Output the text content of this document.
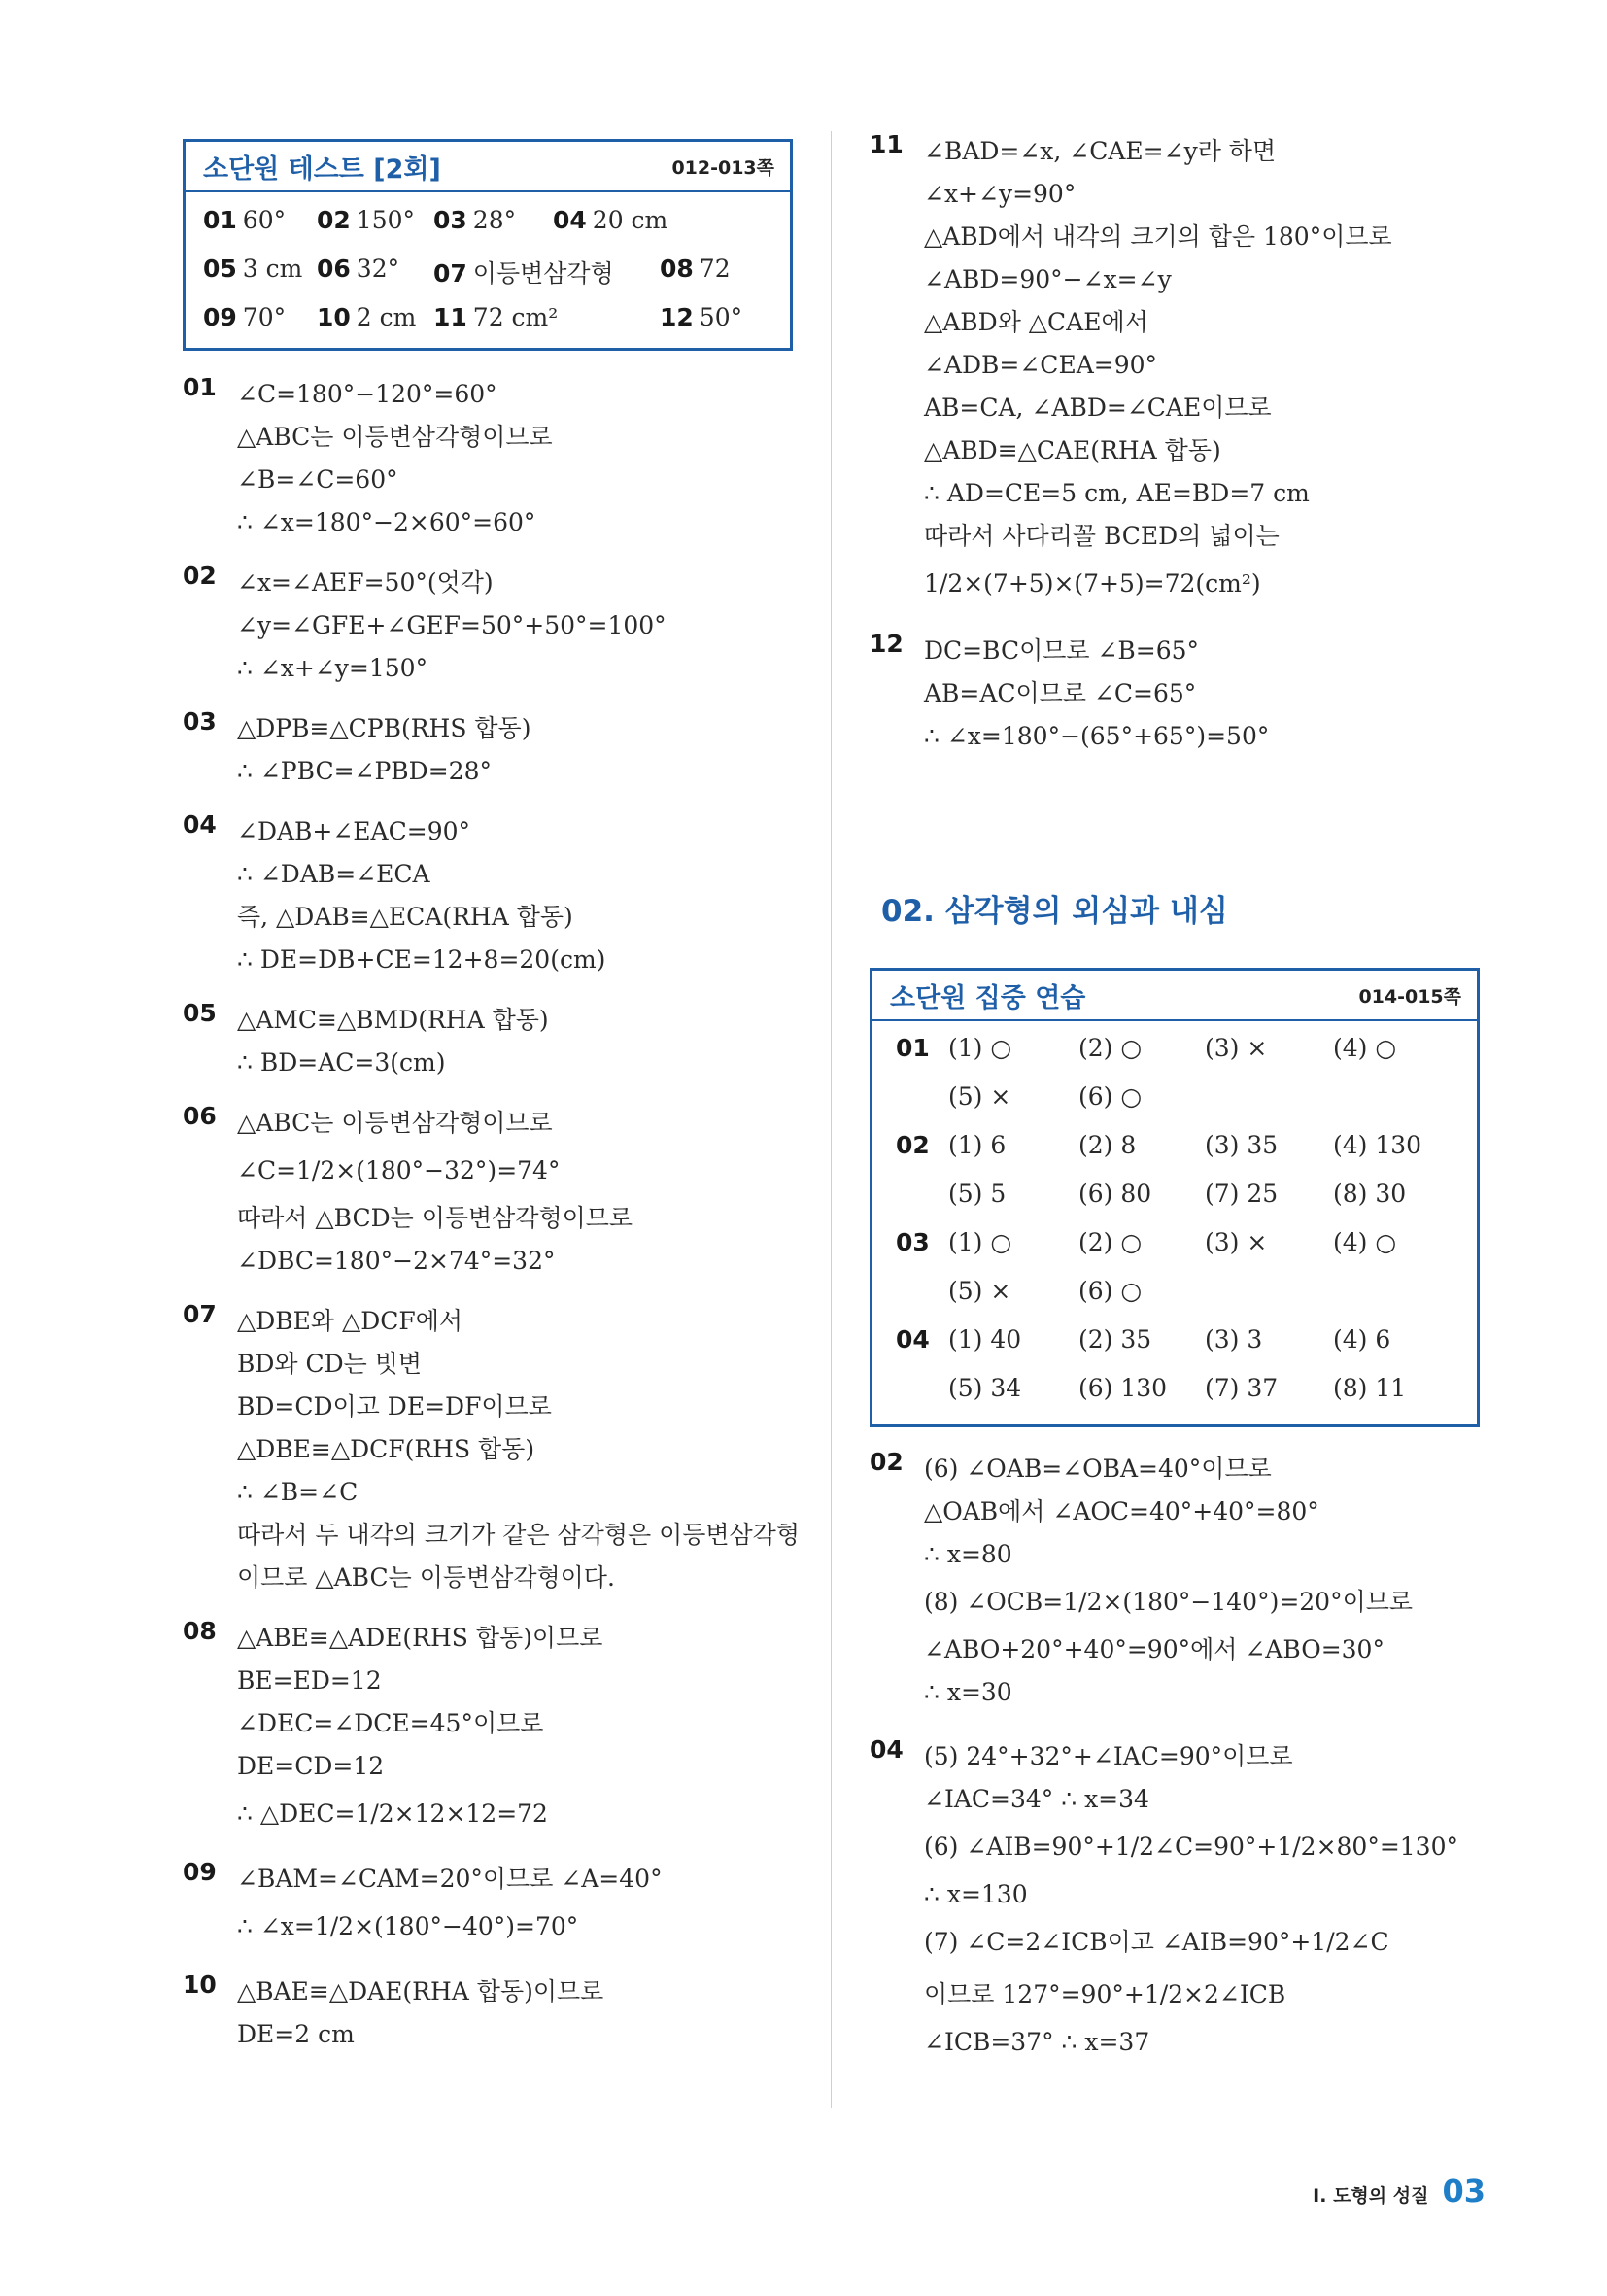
소단원 테스트 [2회]	012-013쪽
01 60° 02 150° 03 28° 04 20 cm
05 3 cm 06 32° 07 이등변삼각형 08 72
09 70° 10 2 cm 11 72 cm²	12 50°
01 ∠C=180°−120°=60°
△ABC는 이등변삼각형이므로
∠B=∠C=60°
∴ ∠x=180°−2×60°=60°
02 ∠x=∠AEF=50°(엇각)
∠y=∠GFE+∠GEF=50°+50°=100°
∴ ∠x+∠y=150°
03 △DPB≡△CPB(RHS 합동)
∴ ∠PBC=∠PBD=28°
04 ∠DAB+∠EAC=90°
∴ ∠DAB=∠ECA
즉, △DAB≡△ECA(RHA 합동)
∴ DE=DB+CE=12+8=20(cm)
05 △AMC≡△BMD(RHA 합동)
∴ BD=AC=3(cm)
06 △ABC는 이등변삼각형이므로
∠C=1/2×(180°−32°)=74°
따라서 △BCD는 이등변삼각형이므로
∠DBC=180°−2×74°=32°
07 △DBE와 △DCF에서
BD와 CD는 빗변
BD=CD이고 DE=DF이므로
△DBE≡△DCF(RHS 합동)
∴ ∠B=∠C
따라서 두 내각의 크기가 같은 삼각형은 이등변삼각형
이므로 △ABC는 이등변삼각형이다.
08 △ABE≡△ADE(RHS 합동)이므로
BE=ED=12
∠DEC=∠DCE=45°이므로
DE=CD=12
∴ △DEC=1/2×12×12=72
09 ∠BAM=∠CAM=20°이므로 ∠A=40°
∴ ∠x=1/2×(180°−40°)=70°
10 △BAE≡△DAE(RHA 합동)이므로
DE=2 cm
11 ∠BAD=∠x, ∠CAE=∠y라 하면
∠x+∠y=90°
△ABD에서 내각의 크기의 합은 180°이므로
∠ABD=90°−∠x=∠y
△ABD와 △CAE에서
∠ADB=∠CEA=90°
AB=CA, ∠ABD=∠CAE이므로
△ABD≡△CAE(RHA 합동)
∴ AD=CE=5 cm, AE=BD=7 cm
따라서 사다리꼴 BCED의 넓이는
1/2×(7+5)×(7+5)=72(cm²)
12 DC=BC이므로 ∠B=65°
AB=AC이므로 ∠C=65°
∴ ∠x=180°−(65°+65°)=50°
02. 삼각형의 외심과 내심
소단원 집중 연습	014-015쪽
01 (1) ○	(2) ○	(3) ×	(4) ○
(5) ×	(6) ○
02 (1) 6	(2) 8	(3) 35 (4) 130
(5) 5	(6) 80 (7) 25 (8) 30
03 (1) ○	(2) ○	(3) ×	(4) ○
(5) ×	(6) ○
04 (1) 40 (2) 35 (3) 3	(4) 6
(5) 34 (6) 130 (7) 37 (8) 11
02 (6) ∠OAB=∠OBA=40°이므로
△OAB에서 ∠AOC=40°+40°=80°
∴ x=80
(8) ∠OCB=1/2×(180°−140°)=20°이므로
∠ABO+20°+40°=90°에서 ∠ABO=30°
∴ x=30
04 (5) 24°+32°+∠IAC=90°이므로
∠IAC=34° ∴ x=34
(6) ∠AIB=90°+1/2∠C=90°+1/2×80°=130°
∴ x=130
(7) ∠C=2∠ICB이고 ∠AIB=90°+1/2∠C
이므로 127°=90°+1/2×2∠ICB
∠ICB=37° ∴ x=37
Ⅰ. 도형의 성질 03
